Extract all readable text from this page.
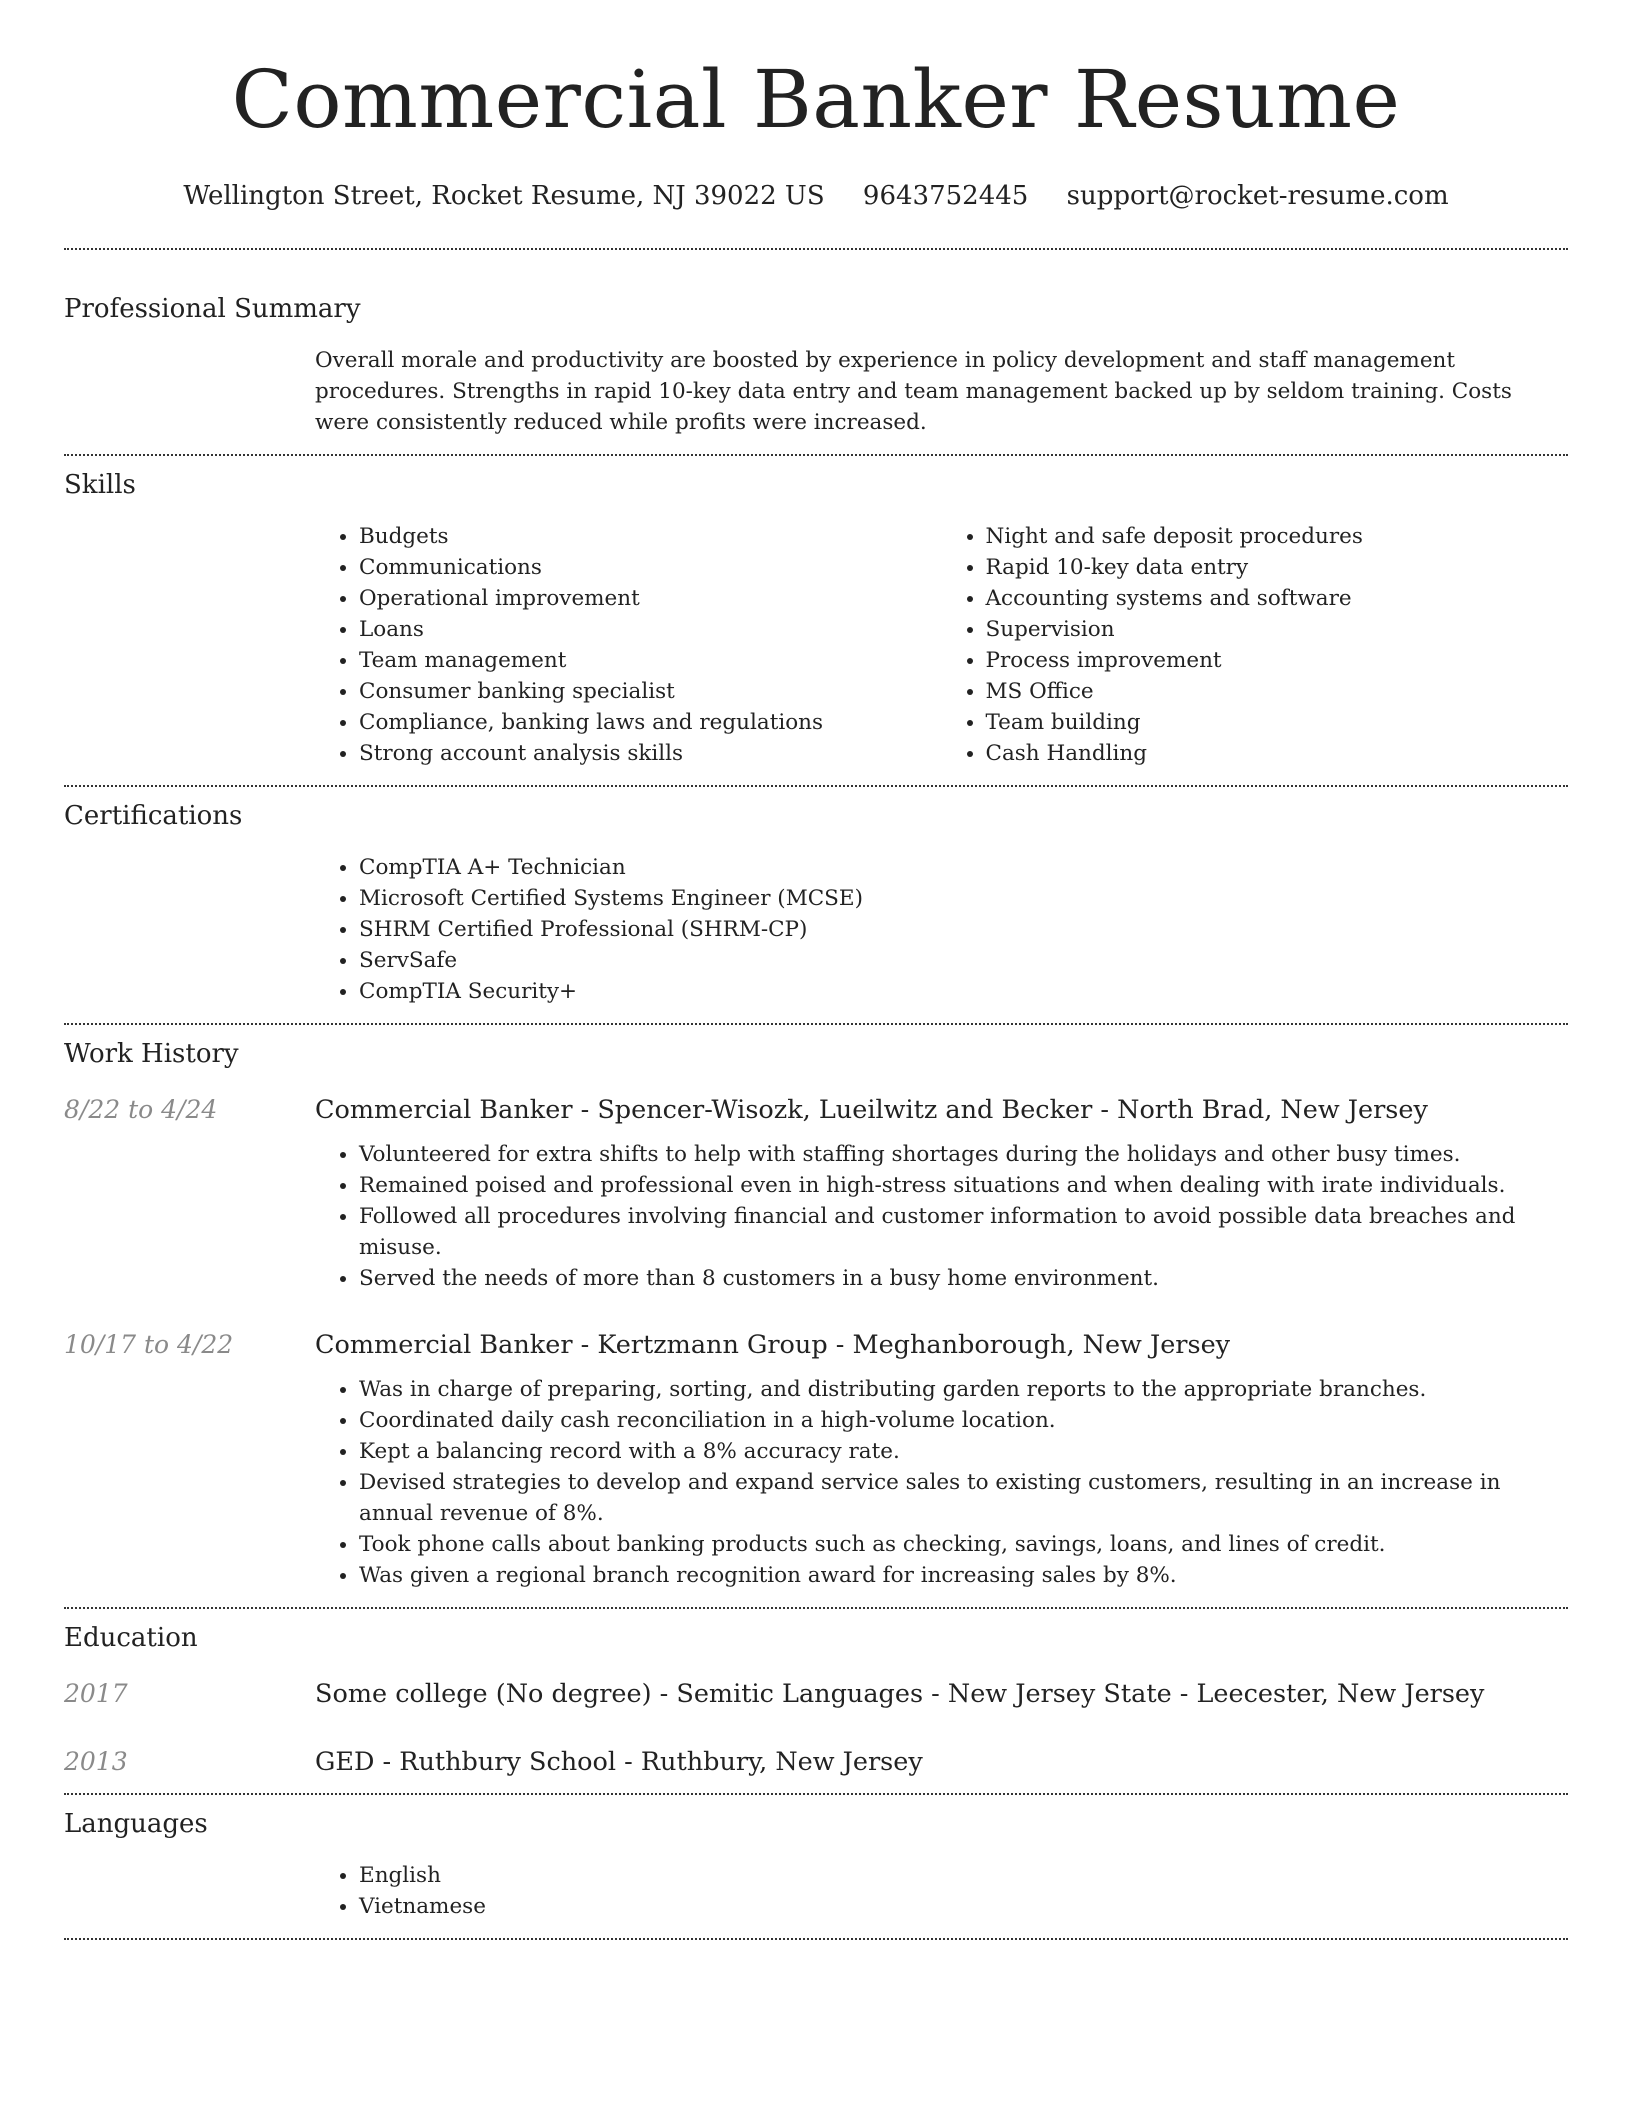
Commercial Banker Resume
Wellington Street, Rocket Resume, NJ 39022 US 9643752445 support@rocket-resume.com
Professional Summary

Overall morale and productivity are boosted by experience in policy development and staff management procedures. Strengths in rapid 10-key data entry and team management backed up by seldom training. Costs were consistently reduced while profits were increased.

Skills
• Budgets
• Communications
• Operational improvement
• Loans
• Team management
• Consumer banking specialist
• Compliance, banking laws and regulations
• Strong account analysis skills
• Night and safe deposit procedures
• Rapid 10-key data entry
• Accounting systems and software
• Supervision
• Process improvement
• MS Office
• Team building
• Cash Handling
Certifications
• CompTIA A+ Technician
• Microsoft Certified Systems Engineer (MCSE)
• SHRM Certified Professional (SHRM-CP)
• ServSafe
• CompTIA Security+
Work History
8/22 to 4/24	Commercial Banker - Spencer-Wisozk, Lueilwitz and Becker - North Brad, New Jersey
• Volunteered for extra shifts to help with staffing shortages during the holidays and other busy times.
• Remained poised and professional even in high-stress situations and when dealing with irate individuals.
• Followed all procedures involving financial and customer information to avoid possible data breaches and misuse.
• Served the needs of more than 8 customers in a busy home environment.
10/17 to 4/22	Commercial Banker - Kertzmann Group - Meghanborough, New Jersey
• Was in charge of preparing, sorting, and distributing garden reports to the appropriate branches.
• Coordinated daily cash reconciliation in a high-volume location.
• Kept a balancing record with a 8% accuracy rate.
• Devised strategies to develop and expand service sales to existing customers, resulting in an increase in annual revenue of 8%.
• Took phone calls about banking products such as checking, savings, loans, and lines of credit.
• Was given a regional branch recognition award for increasing sales by 8%.
Education
2017	Some college (No degree) - Semitic Languages - New Jersey State - Leecester, New Jersey
2013	GED - Ruthbury School - Ruthbury, New Jersey
Languages
• English
• Vietnamese
